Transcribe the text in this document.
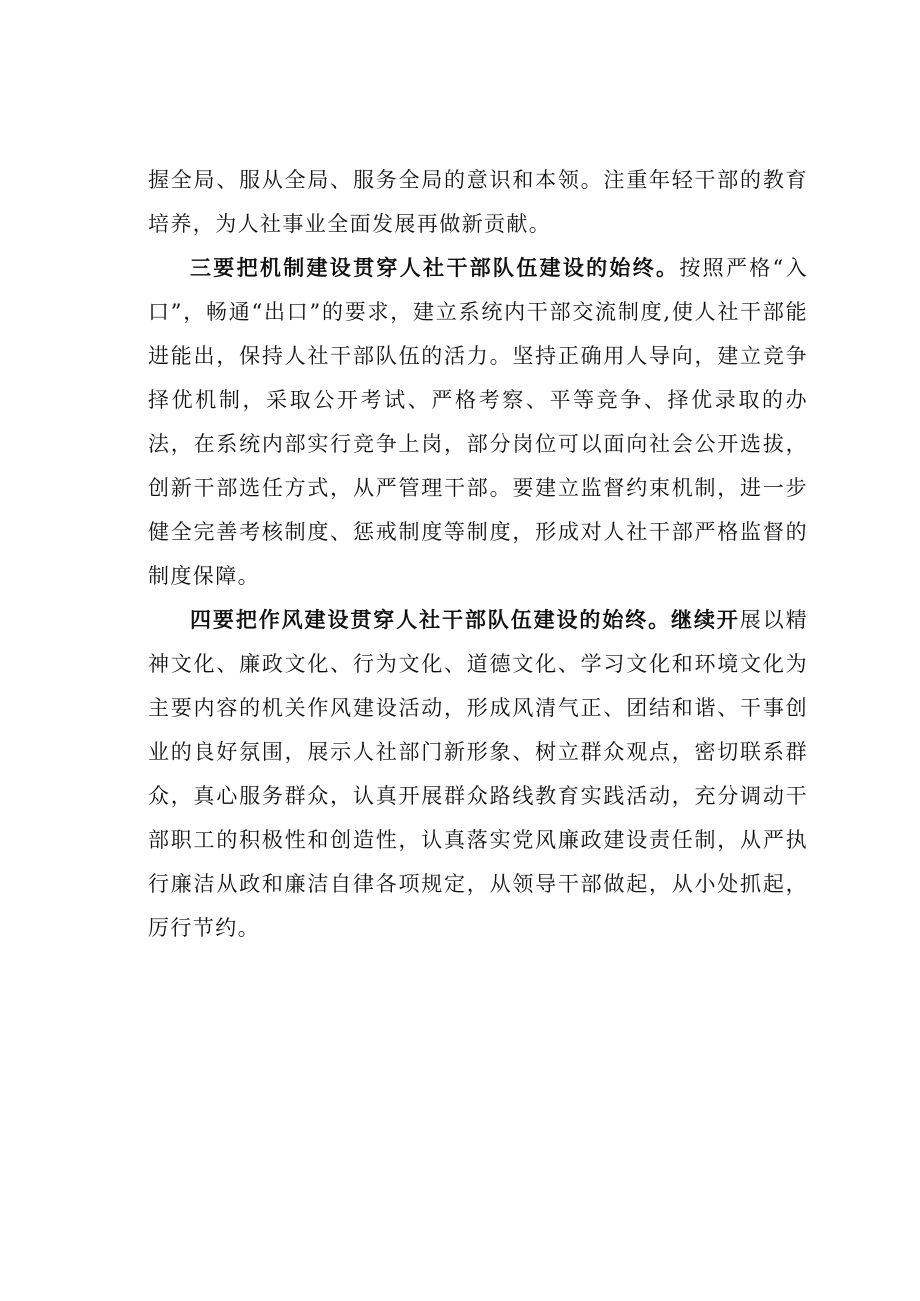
握全局、服从全局、服务全局的意识和本领。注重年轻干部的教育培养，为人社事业全面发展再做新贡献。

三要把机制建设贯穿人社干部队伍建设的始终。按照严格“入口”，畅通“出口”的要求，建立系统内干部交流制度,使人社干部能进能出，保持人社干部队伍的活力。坚持正确用人导向，建立竞争择优机制，采取公开考试、严格考察、平等竞争、择优录取的办法，在系统内部实行竞争上岗，部分岗位可以面向社会公开选拔，创新干部选任方式，从严管理干部。要建立监督约束机制，进一步健全完善考核制度、惩戒制度等制度，形成对人社干部严格监督的制度保障。

四要把作风建设贯穿人社干部队伍建设的始终。继续开展以精神文化、廉政文化、行为文化、道德文化、学习文化和环境文化为主要内容的机关作风建设活动，形成风清气正、团结和谐、干事创业的良好氛围，展示人社部门新形象、树立群众观点，密切联系群众，真心服务群众，认真开展群众路线教育实践活动，充分调动干部职工的积极性和创造性，认真落实党风廉政建设责任制，从严执行廉洁从政和廉洁自律各项规定，从领导干部做起，从小处抓起，厉行节约。
